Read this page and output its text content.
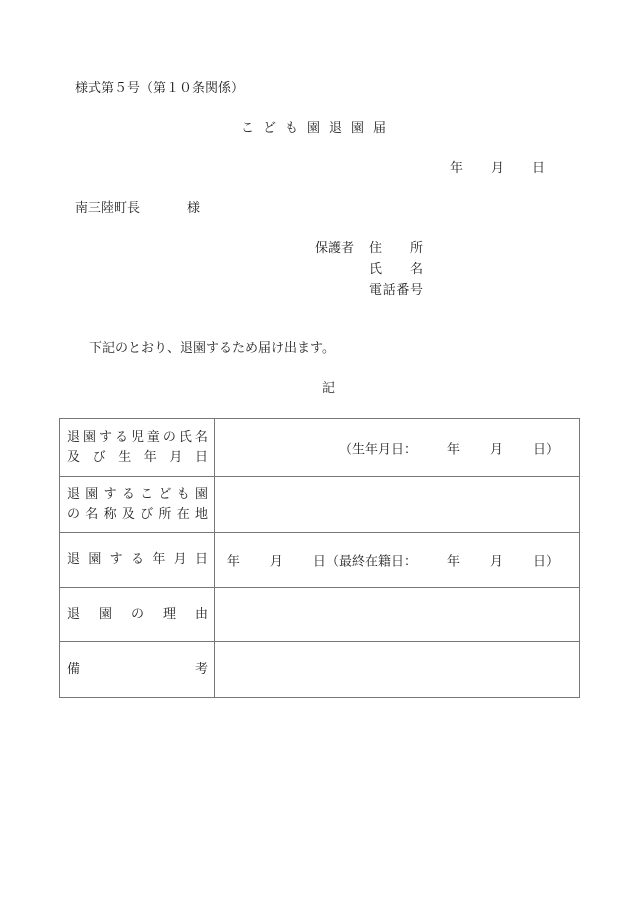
様式第５号（第１０条関係）
こども園退園届
年 月 日
南三陸町長	様
保護者 住 所
氏 名
電 話 番 号
下記のとおり、退園するため届け出ます。
記
退 園 す る 児 童 の 氏 名
及 び 生 年 月 日	（生年月日： 年 月 日）

退 園 す る こ ど も 園
の 名 称 及 び 所 在 地

退 園 す る 年 月 日	年 月 日 （最終在籍日： 年 月 日）

退 園 の 理 由	

備 考	
